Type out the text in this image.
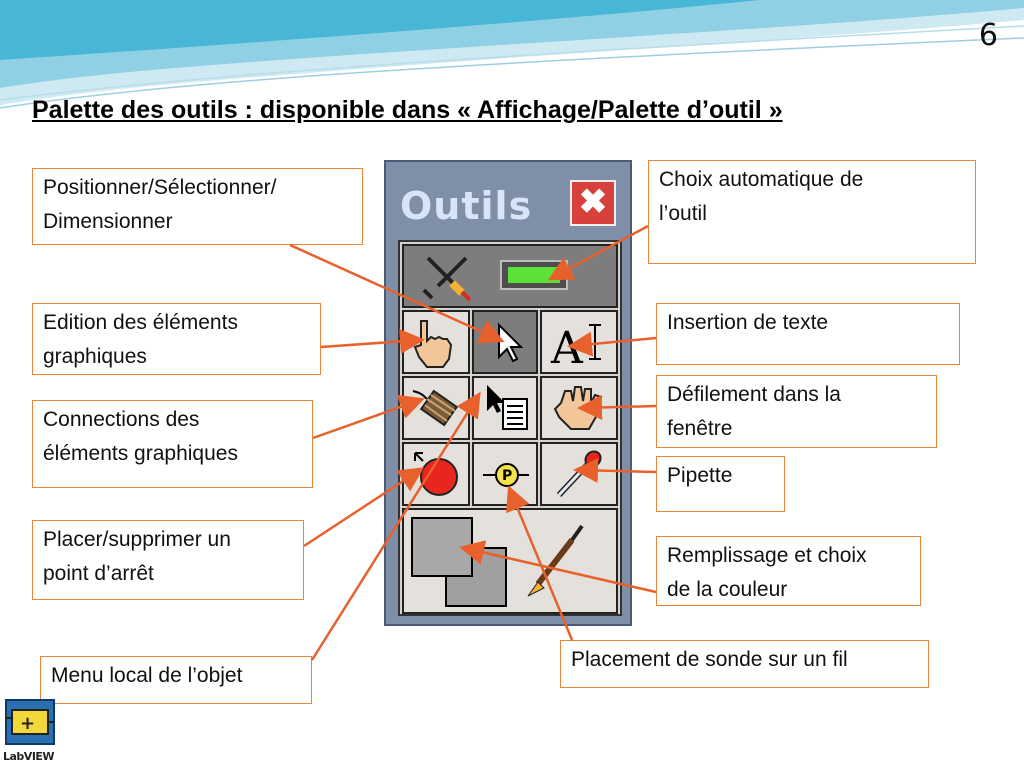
6
Palette des outils : disponible dans « Affichage/Palette d’outil »
Outils ✖
A
P
Positionner/Sélectionner/
Dimensionner
Choix automatique de
l’outil
Edition des éléments
graphiques
Insertion de texte
Connections des
éléments graphiques
Défilement dans la
fenêtre
Pipette
Placer/supprimer un
point d’arrêt
Remplissage et choix
de la couleur
Placement de sonde sur un fil
Menu local de l’objet
+
LabVIEW
